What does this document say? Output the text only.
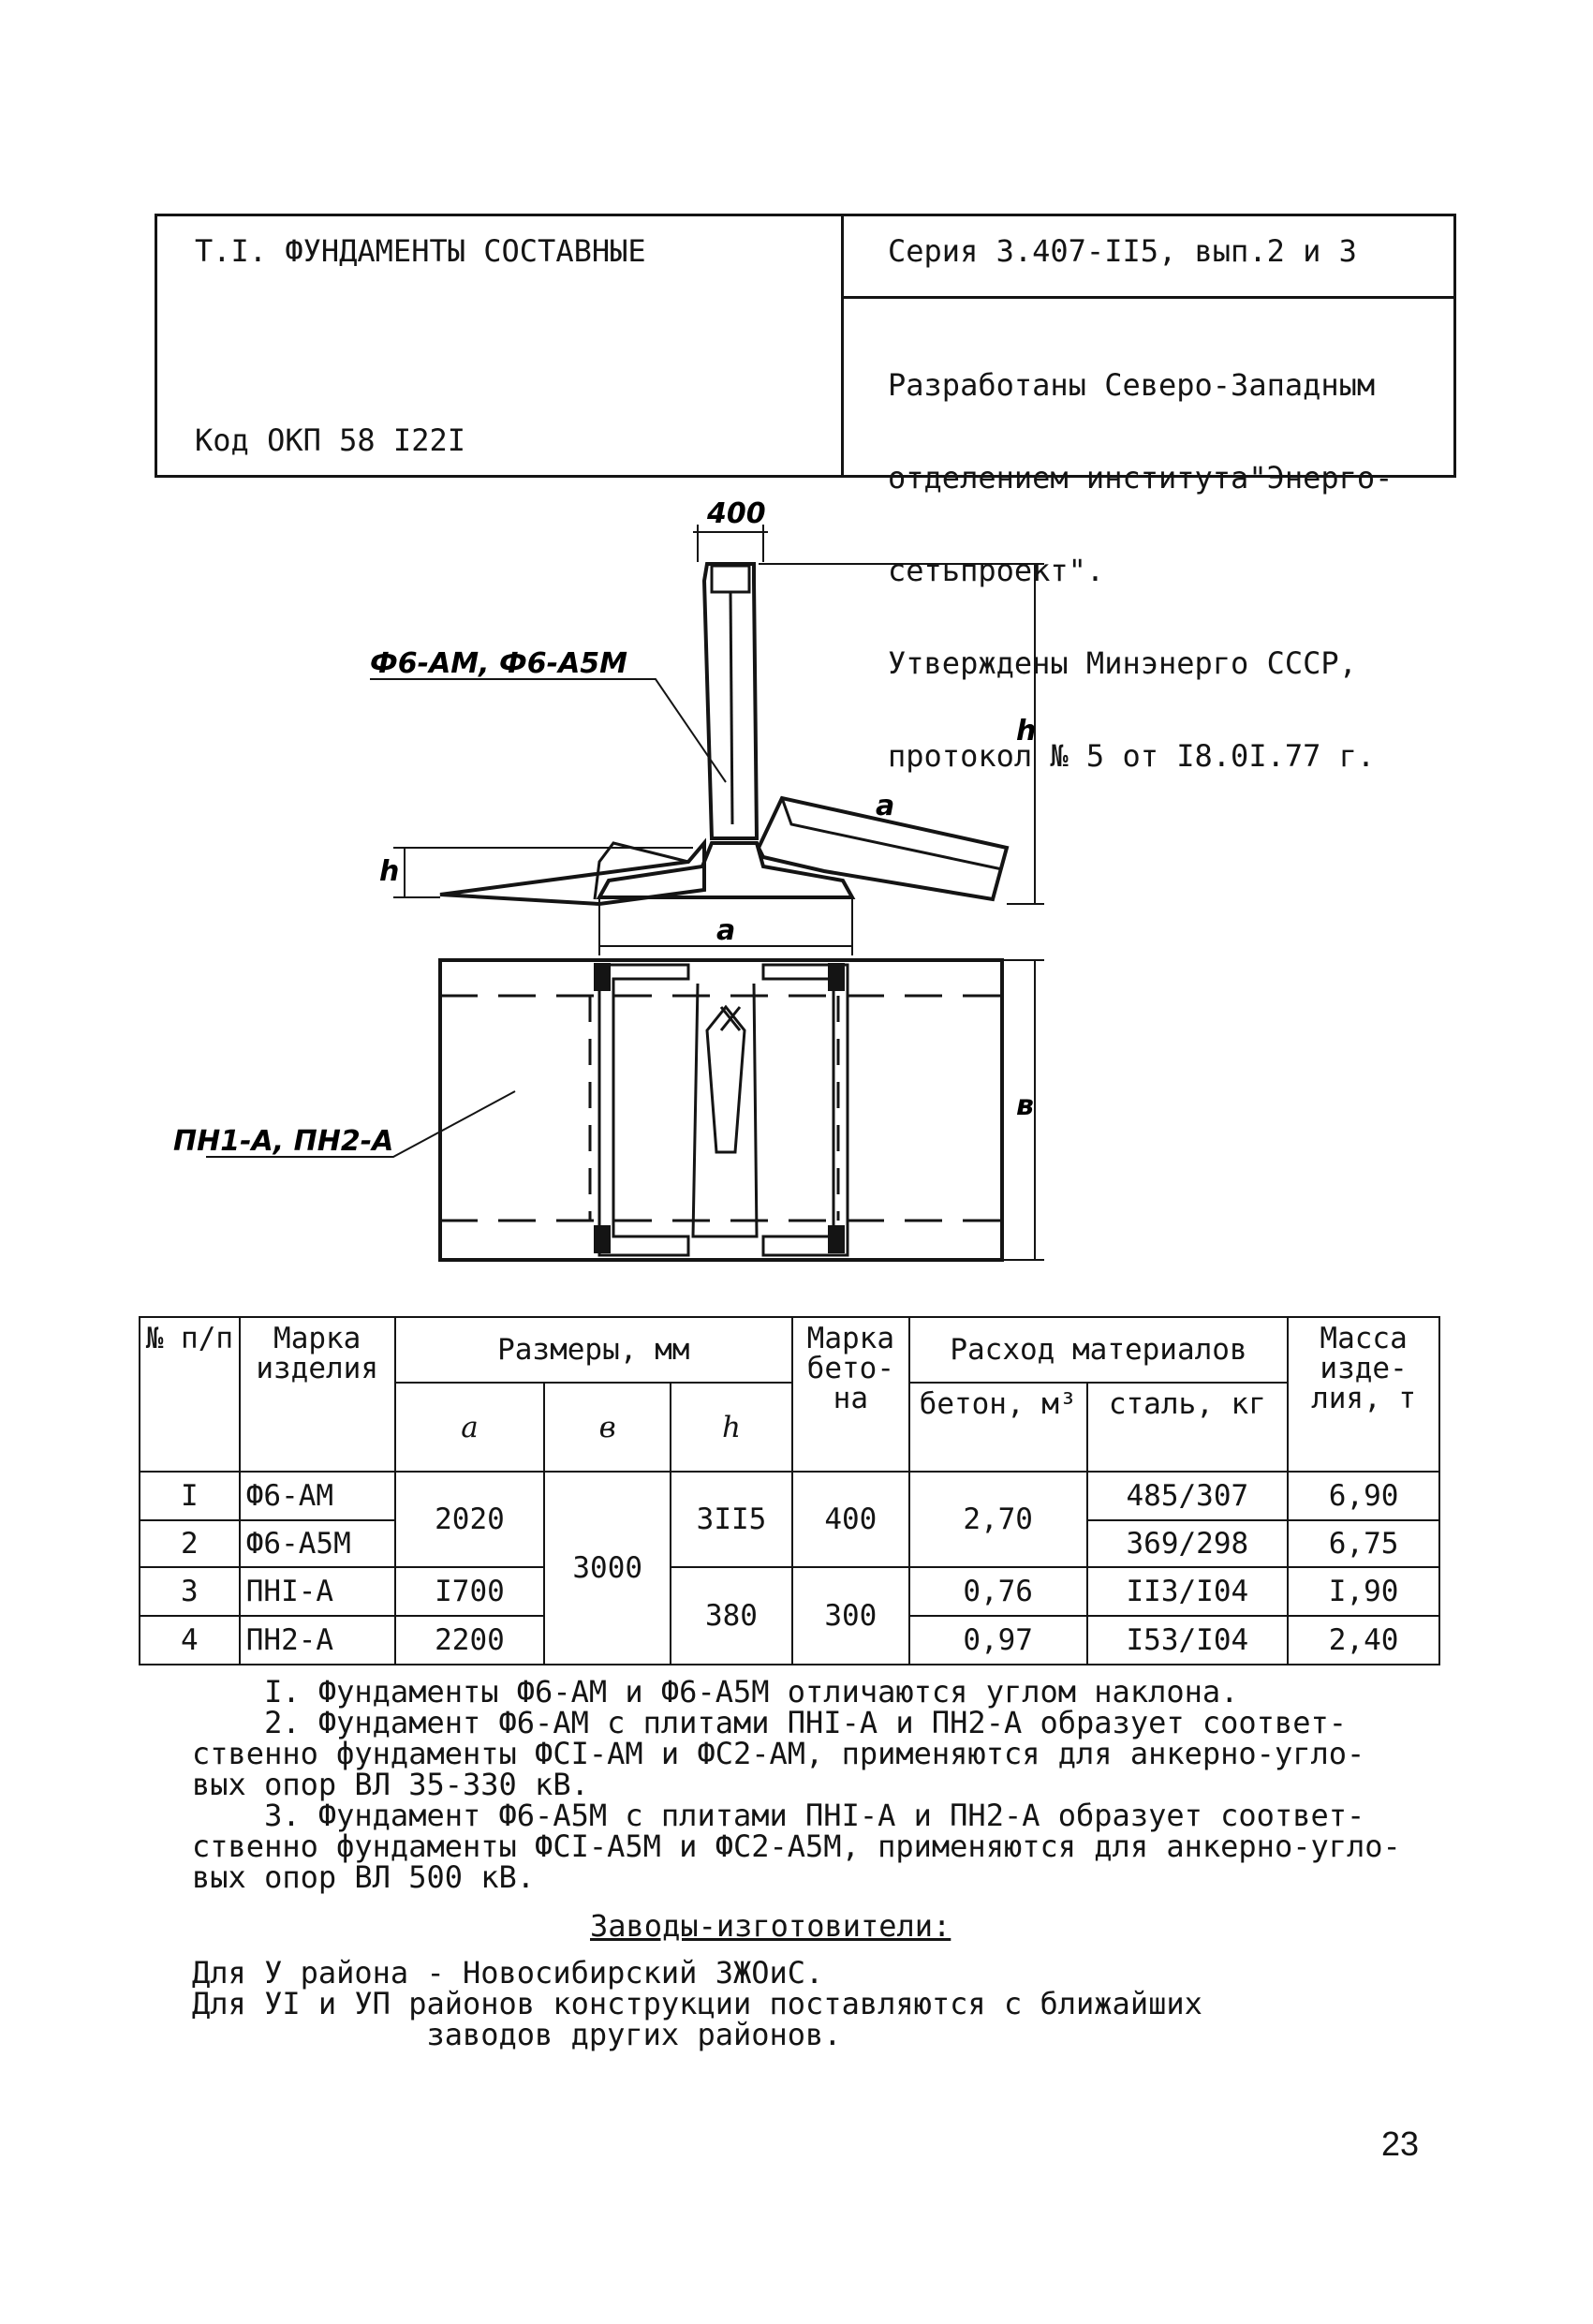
Т.I. ФУНДАМЕНТЫ СОСТАВНЫЕ
Код ОКП 58 I22I
Серия 3.407-II5, вып.2 и 3

Разработаны Северо-Западным

отделением института"Энерго-

сетьпроект".

Утверждены Минэнерго СССР,

протокол № 5 от I8.0I.77 г.

400
Ф6-АМ, Ф6-А5М
ПН1-А, ПН2-А
h
h
a
a
в
№ п/п	Марка изделия	Размеры, мм			Марка бето- на	Расход материалов		Масса изде- лия, т
		a	в	h		бетон, м³	сталь, кг	
I	Ф6-АМ	2020	3000	3II5	400	2,70	485/307	6,90
2	Ф6-А5М						369/298	6,75
3	ПНI-А	I700		380	300	0,76	II3/I04	I,90
4	ПН2-А	2200				0,97	I53/I04	2,40
I. Фундаменты Ф6-АМ и Ф6-А5М отличаются углом наклона.
2. Фундамент Ф6-АМ с плитами ПНI-А и ПН2-А образует соответ-
ственно фундаменты ФСI-АМ и ФС2-АМ, применяются для анкерно-угло-
вых опор ВЛ 35-330 кВ.
3. Фундамент Ф6-А5М с плитами ПНI-А и ПН2-А образует соответ-
ственно фундаменты ФСI-А5М и ФС2-А5М, применяются для анкерно-угло-
вых опор ВЛ 500 кВ.
Заводы-изготовители:
Для У района - Новосибирский ЗЖОиС.
Для УI и УП районов конструкции поставляются с ближайших
заводов других районов.
23
